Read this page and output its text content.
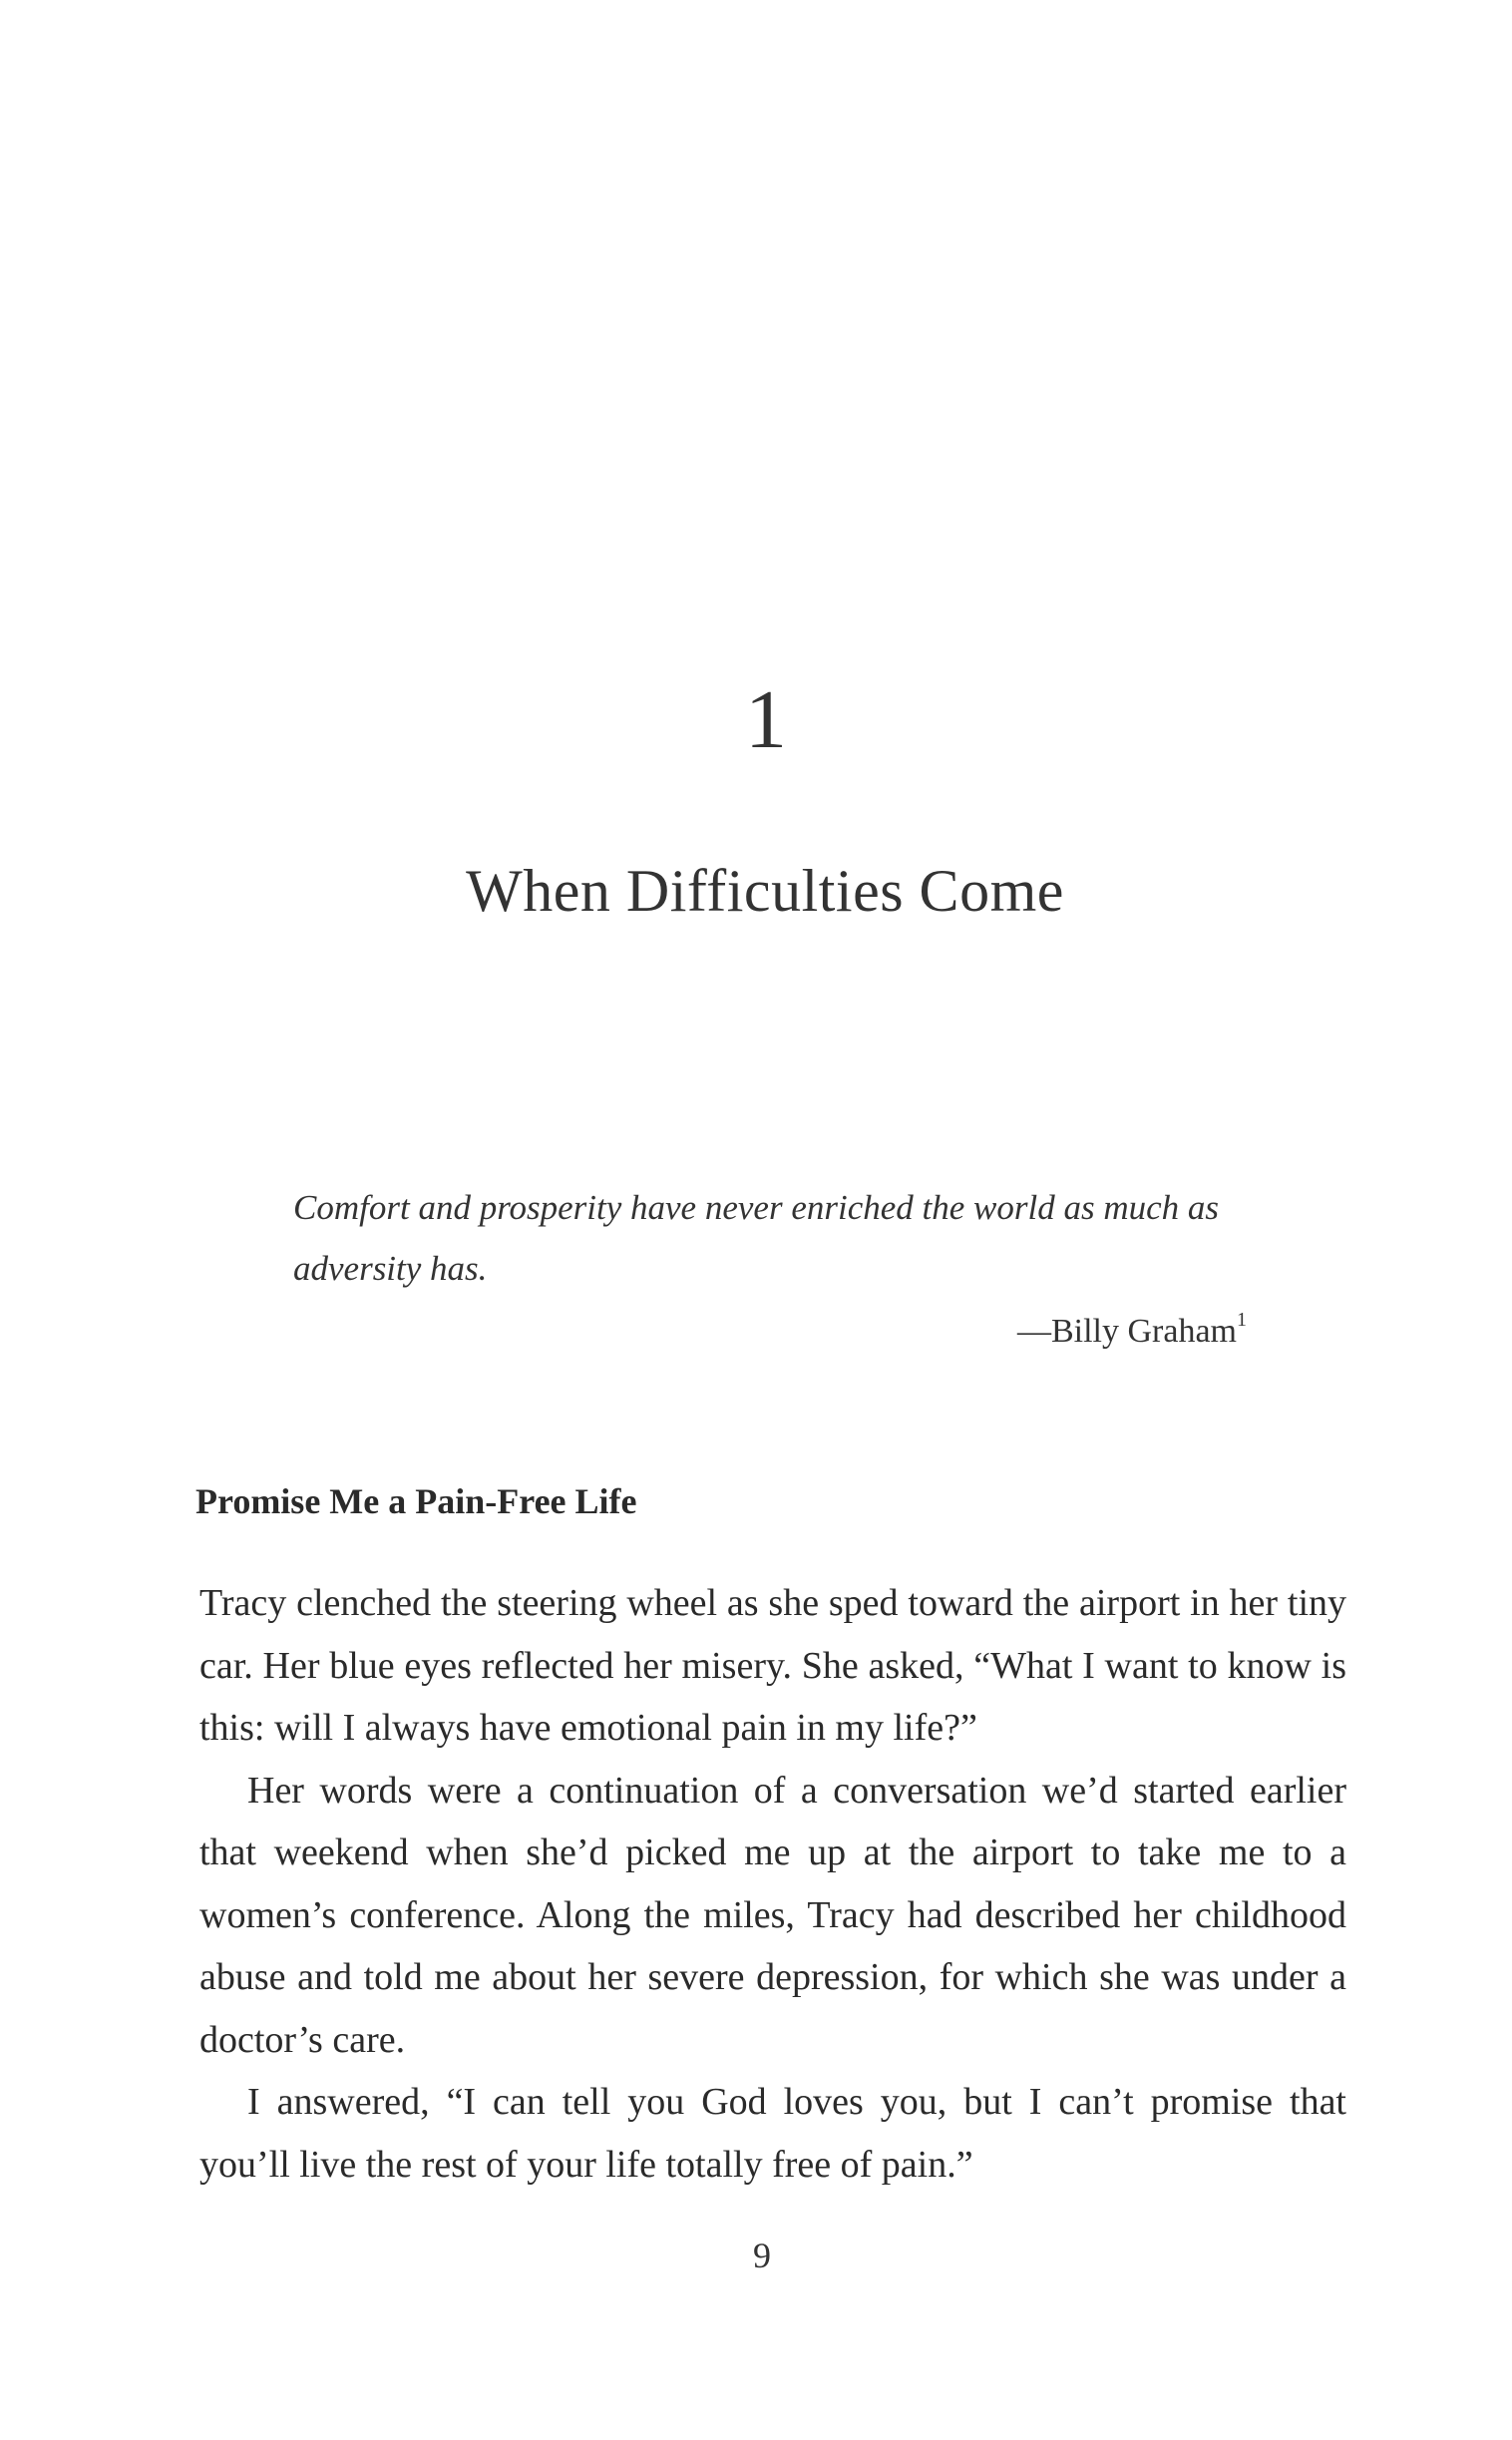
1
When Difficulties Come
Comfort and prosperity have never enriched the world as much as adversity has.
—Billy Graham$^1$
Promise Me a Pain-Free Life

Tracy clenched the steering wheel as she sped toward the airport in her tiny car. Her blue eyes reflected her misery. She asked, “What I want to know is this: will I always have emotional pain in my life?”

Her words were a continuation of a conversation we’d started earlier that weekend when she’d picked me up at the airport to take me to a women’s conference. Along the miles, Tracy had described her childhood abuse and told me about her severe depression, for which she was under a doctor’s care.

I answered, “I can tell you God loves you, but I can’t promise that you’ll live the rest of your life totally free of pain.”

9
